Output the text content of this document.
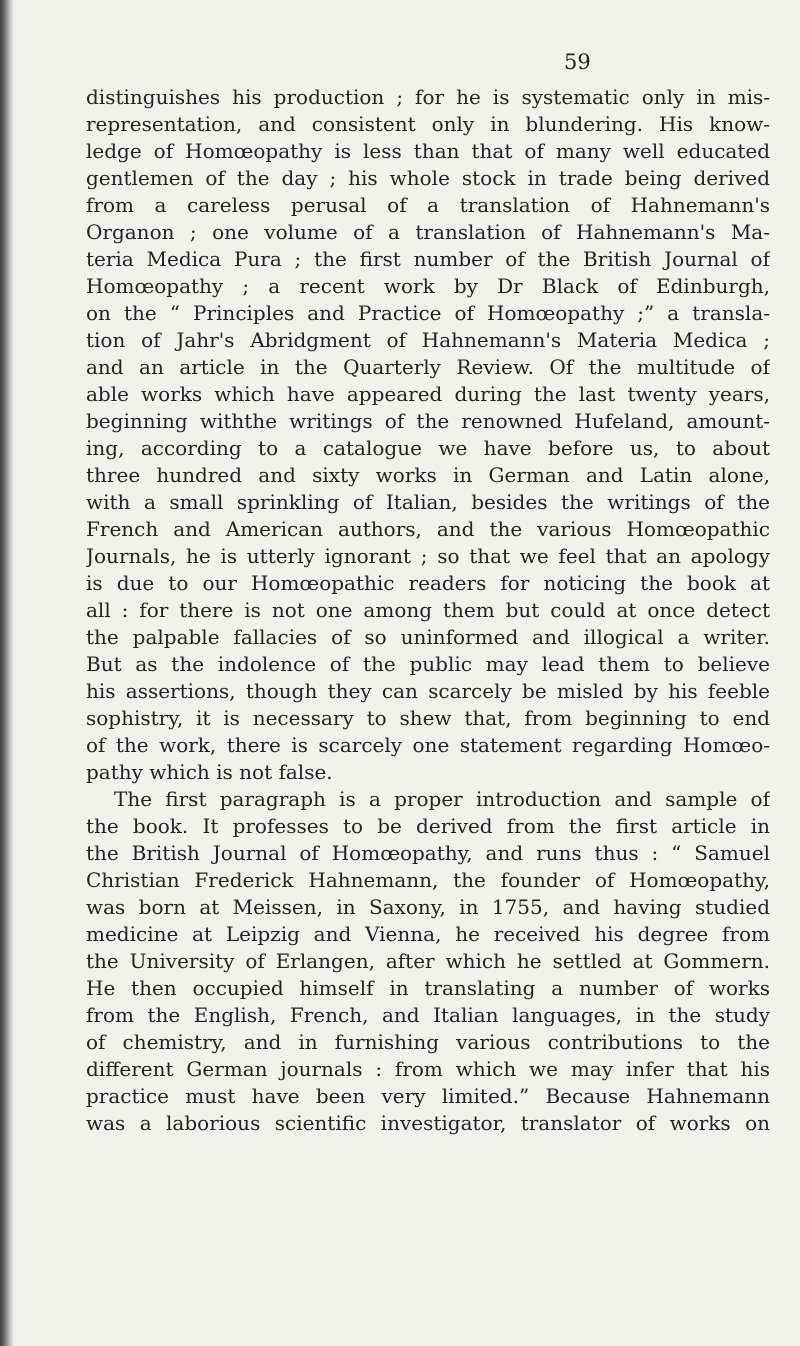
59
distinguishes his production ; for he is systematic only in mis-
representation, and consistent only in blundering. His know-
ledge of Homœopathy is less than that of many well educated
gentlemen of the day ; his whole stock in trade being derived
from a careless perusal of a translation of Hahnemann's
Organon ; one volume of a translation of Hahnemann's Ma-
teria Medica Pura ; the first number of the British Journal of
Homœopathy ; a recent work by Dr Black of Edinburgh,
on the “ Principles and Practice of Homœopathy ;” a transla-
tion of Jahr's Abridgment of Hahnemann's Materia Medica ;
and an article in the Quarterly Review. Of the multitude of
able works which have appeared during the last twenty years,
beginning withthe writings of the renowned Hufeland, amount-
ing, according to a catalogue we have before us, to about
three hundred and sixty works in German and Latin alone,
with a small sprinkling of Italian, besides the writings of the
French and American authors, and the various Homœopathic
Journals, he is utterly ignorant ; so that we feel that an apology
is due to our Homœopathic readers for noticing the book at
all : for there is not one among them but could at once detect
the palpable fallacies of so uninformed and illogical a writer.
But as the indolence of the public may lead them to believe
his assertions, though they can scarcely be misled by his feeble
sophistry, it is necessary to shew that, from beginning to end
of the work, there is scarcely one statement regarding Homœo-
pathy which is not false.
The first paragraph is a proper introduction and sample of
the book. It professes to be derived from the first article in
the British Journal of Homœopathy, and runs thus : “ Samuel
Christian Frederick Hahnemann, the founder of Homœopathy,
was born at Meissen, in Saxony, in 1755, and having studied
medicine at Leipzig and Vienna, he received his degree from
the University of Erlangen, after which he settled at Gommern.
He then occupied himself in translating a number of works
from the English, French, and Italian languages, in the study
of chemistry, and in furnishing various contributions to the
different German journals : from which we may infer that his
practice must have been very limited.” Because Hahnemann
was a laborious scientific investigator, translator of works on
